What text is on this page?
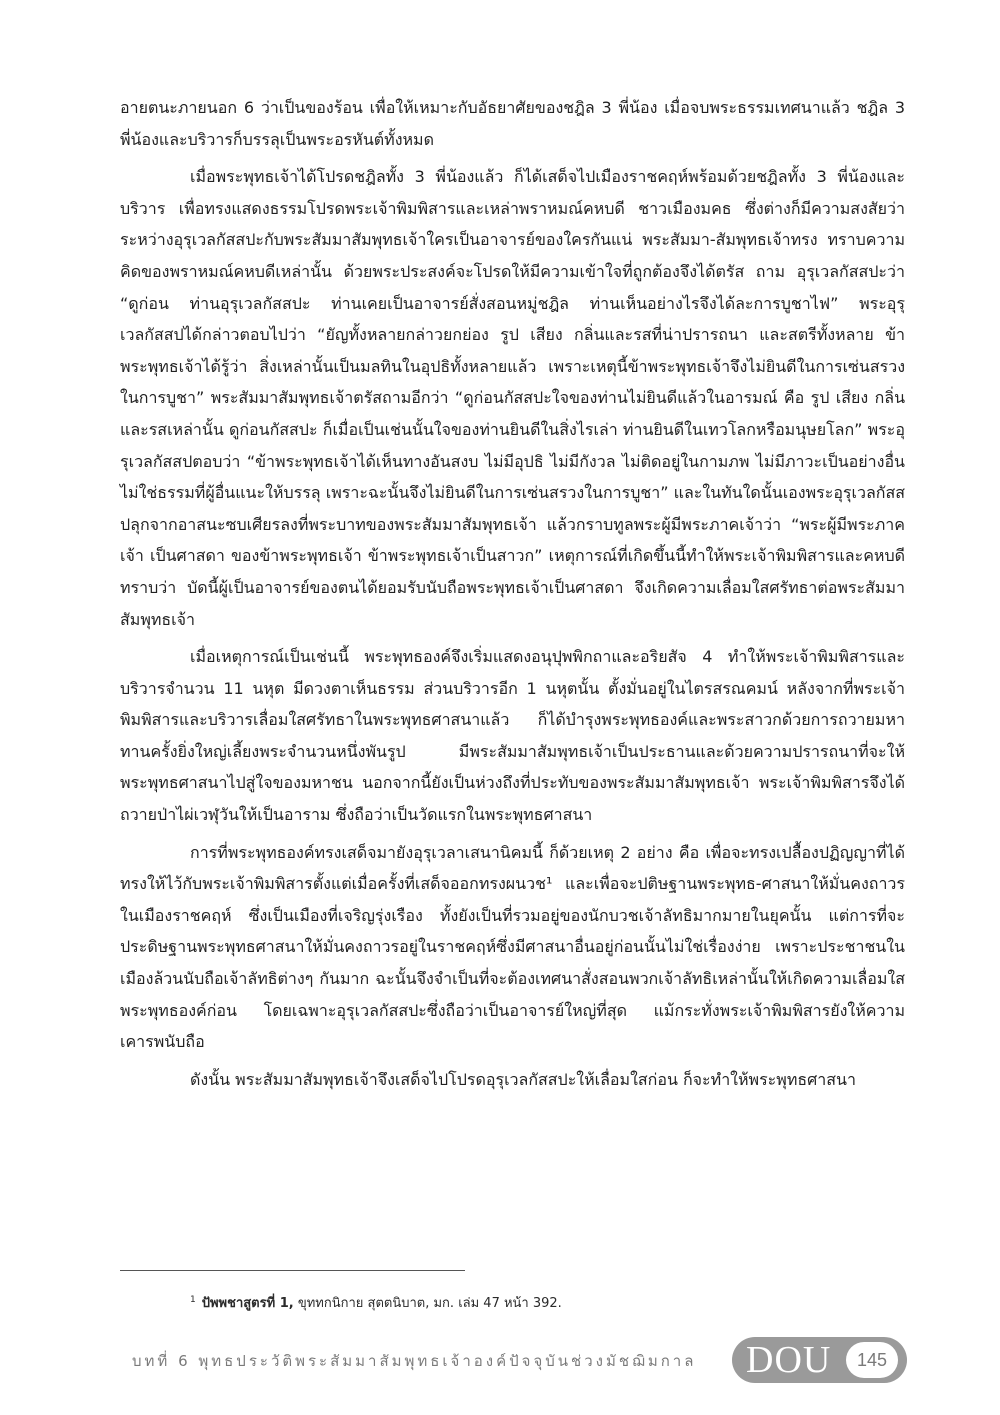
อายตนะภายนอก 6 ว่าเป็นของร้อน เพื่อให้เหมาะกับอัธยาศัยของชฎิล 3 พี่น้อง เมื่อจบพระธรรมเทศนาแล้ว ชฎิล 3 พี่น้องและบริวารก็บรรลุเป็นพระอรหันต์ทั้งหมด

เมื่อพระพุทธเจ้าได้โปรดชฎิลทั้ง 3 พี่น้องแล้ว ก็ได้เสด็จไปเมืองราชคฤห์พร้อมด้วยชฎิลทั้ง 3 พี่น้องและบริวาร เพื่อทรงแสดงธรรมโปรดพระเจ้าพิมพิสารและเหล่าพราหมณ์คหบดี ชาวเมืองมคธ ซึ่งต่างก็มีความสงสัยว่า ระหว่างอุรุเวลกัสสปะกับพระสัมมาสัมพุทธเจ้าใครเป็นอาจารย์ของใครกันแน่ พระสัมมา-สัมพุทธเจ้าทรง ทราบความคิดของพราหมณ์คหบดีเหล่านั้น ด้วยพระประสงค์จะโปรดให้มีความเข้าใจที่ถูกต้องจึงได้ตรัส ถาม อุรุเวลกัสสปะว่า “ดูก่อน ท่านอุรุเวลกัสสปะ ท่านเคยเป็นอาจารย์สั่งสอนหมู่ชฎิล ท่านเห็นอย่างไรจึงได้ละการบูชาไฟ” พระอุรุเวลกัสสปได้กล่าวตอบไปว่า “ยัญทั้งหลายกล่าวยกย่อง รูป เสียง กลิ่นและรสที่น่าปรารถนา และสตรีทั้งหลาย ข้าพระพุทธเจ้าได้รู้ว่า สิ่งเหล่านั้นเป็นมลทินในอุปธิทั้งหลายแล้ว เพราะเหตุนี้ข้าพระพุทธเจ้าจึงไม่ยินดีในการเซ่นสรวงในการบูชา” พระสัมมาสัมพุทธเจ้าตรัสถามอีกว่า “ดูก่อนกัสสปะใจของท่านไม่ยินดีแล้วในอารมณ์ คือ รูป เสียง กลิ่น และรสเหล่านั้น ดูก่อนกัสสปะ ก็เมื่อเป็นเช่นนั้นใจของท่านยินดีในสิ่งไรเล่า ท่านยินดีในเทวโลกหรือมนุษยโลก” พระอุรุเวลกัสสปตอบว่า “ข้าพระพุทธเจ้าได้เห็นทางอันสงบ ไม่มีอุปธิ ไม่มีกังวล ไม่ติดอยู่ในกามภพ ไม่มีภาวะเป็นอย่างอื่น ไม่ใช่ธรรมที่ผู้อื่นแนะให้บรรลุ เพราะฉะนั้นจึงไม่ยินดีในการเซ่นสรวงในการบูชา” และในทันใดนั้นเองพระอุรุเวลกัสสปลุกจากอาสนะซบเศียรลงที่พระบาทของพระสัมมาสัมพุทธเจ้า แล้วกราบทูลพระผู้มีพระภาคเจ้าว่า “พระผู้มีพระภาคเจ้า เป็นศาสดา ของข้าพระพุทธเจ้า ข้าพระพุทธเจ้าเป็นสาวก” เหตุการณ์ที่เกิดขึ้นนี้ทำให้พระเจ้าพิมพิสารและคหบดีทราบว่า บัดนี้ผู้เป็นอาจารย์ของตนได้ยอมรับนับถือพระพุทธเจ้าเป็นศาสดา จึงเกิดความเลื่อมใสศรัทธาต่อพระสัมมาสัมพุทธเจ้า

เมื่อเหตุการณ์เป็นเช่นนี้ พระพุทธองค์จึงเริ่มแสดงอนุปุพพิกถาและอริยสัจ 4 ทำให้พระเจ้าพิมพิสารและบริวารจำนวน 11 นหุต มีดวงตาเห็นธรรม ส่วนบริวารอีก 1 นหุตนั้น ตั้งมั่นอยู่ในไตรสรณคมน์ หลังจากที่พระเจ้าพิมพิสารและบริวารเลื่อมใสศรัทธาในพระพุทธศาสนาแล้ว ก็ได้บำรุงพระพุทธองค์และพระสาวกด้วยการถวายมหาทานครั้งยิ่งใหญ่เลี้ยงพระจำนวนหนึ่งพันรูป มีพระสัมมาสัมพุทธเจ้าเป็นประธานและด้วยความปรารถนาที่จะให้พระพุทธศาสนาไปสู่ใจของมหาชน นอกจากนี้ยังเป็นห่วงถึงที่ประทับของพระสัมมาสัมพุทธเจ้า พระเจ้าพิมพิสารจึงได้ถวายป่าไผ่เวฬุวันให้เป็นอาราม ซึ่งถือว่าเป็นวัดแรกในพระพุทธศาสนา

การที่พระพุทธองค์ทรงเสด็จมายังอุรุเวลาเสนานิคมนี้ ก็ด้วยเหตุ 2 อย่าง คือ เพื่อจะทรงเปลื้องปฏิญญาที่ได้ทรงให้ไว้กับพระเจ้าพิมพิสารตั้งแต่เมื่อครั้งที่เสด็จออกทรงผนวช¹ และเพื่อจะปติษฐานพระพุทธ-ศาสนาให้มั่นคงถาวรในเมืองราชคฤห์ ซึ่งเป็นเมืองที่เจริญรุ่งเรือง ทั้งยังเป็นที่รวมอยู่ของนักบวชเจ้าลัทธิมากมายในยุคนั้น แต่การที่จะประดิษฐานพระพุทธศาสนาให้มั่นคงถาวรอยู่ในราชคฤห์ซึ่งมีศาสนาอื่นอยู่ก่อนนั้นไม่ใช่เรื่องง่าย เพราะประชาชนในเมืองล้วนนับถือเจ้าลัทธิต่างๆ กันมาก ฉะนั้นจึงจำเป็นที่จะต้องเทศนาสั่งสอนพวกเจ้าลัทธิเหล่านั้นให้เกิดความเลื่อมใสพระพุทธองค์ก่อน โดยเฉพาะอุรุเวลกัสสปะซึ่งถือว่าเป็นอาจารย์ใหญ่ที่สุด แม้กระทั่งพระเจ้าพิมพิสารยังให้ความเคารพนับถือ

ดังนั้น พระสัมมาสัมพุทธเจ้าจึงเสด็จไปโปรดอุรุเวลกัสสปะให้เลื่อมใสก่อน ก็จะทำให้พระพุทธศาสนา

$^1$ ปัพพชาสูตรที่ 1, ขุททกนิกาย สุตตนิบาต, มก. เล่ม 47 หน้า 392.
บทที่ 6 พุทธประวัติพระสัมมาสัมพุทธเจ้าองค์ปัจจุบันช่วงมัชฌิมกาล DOU	145
